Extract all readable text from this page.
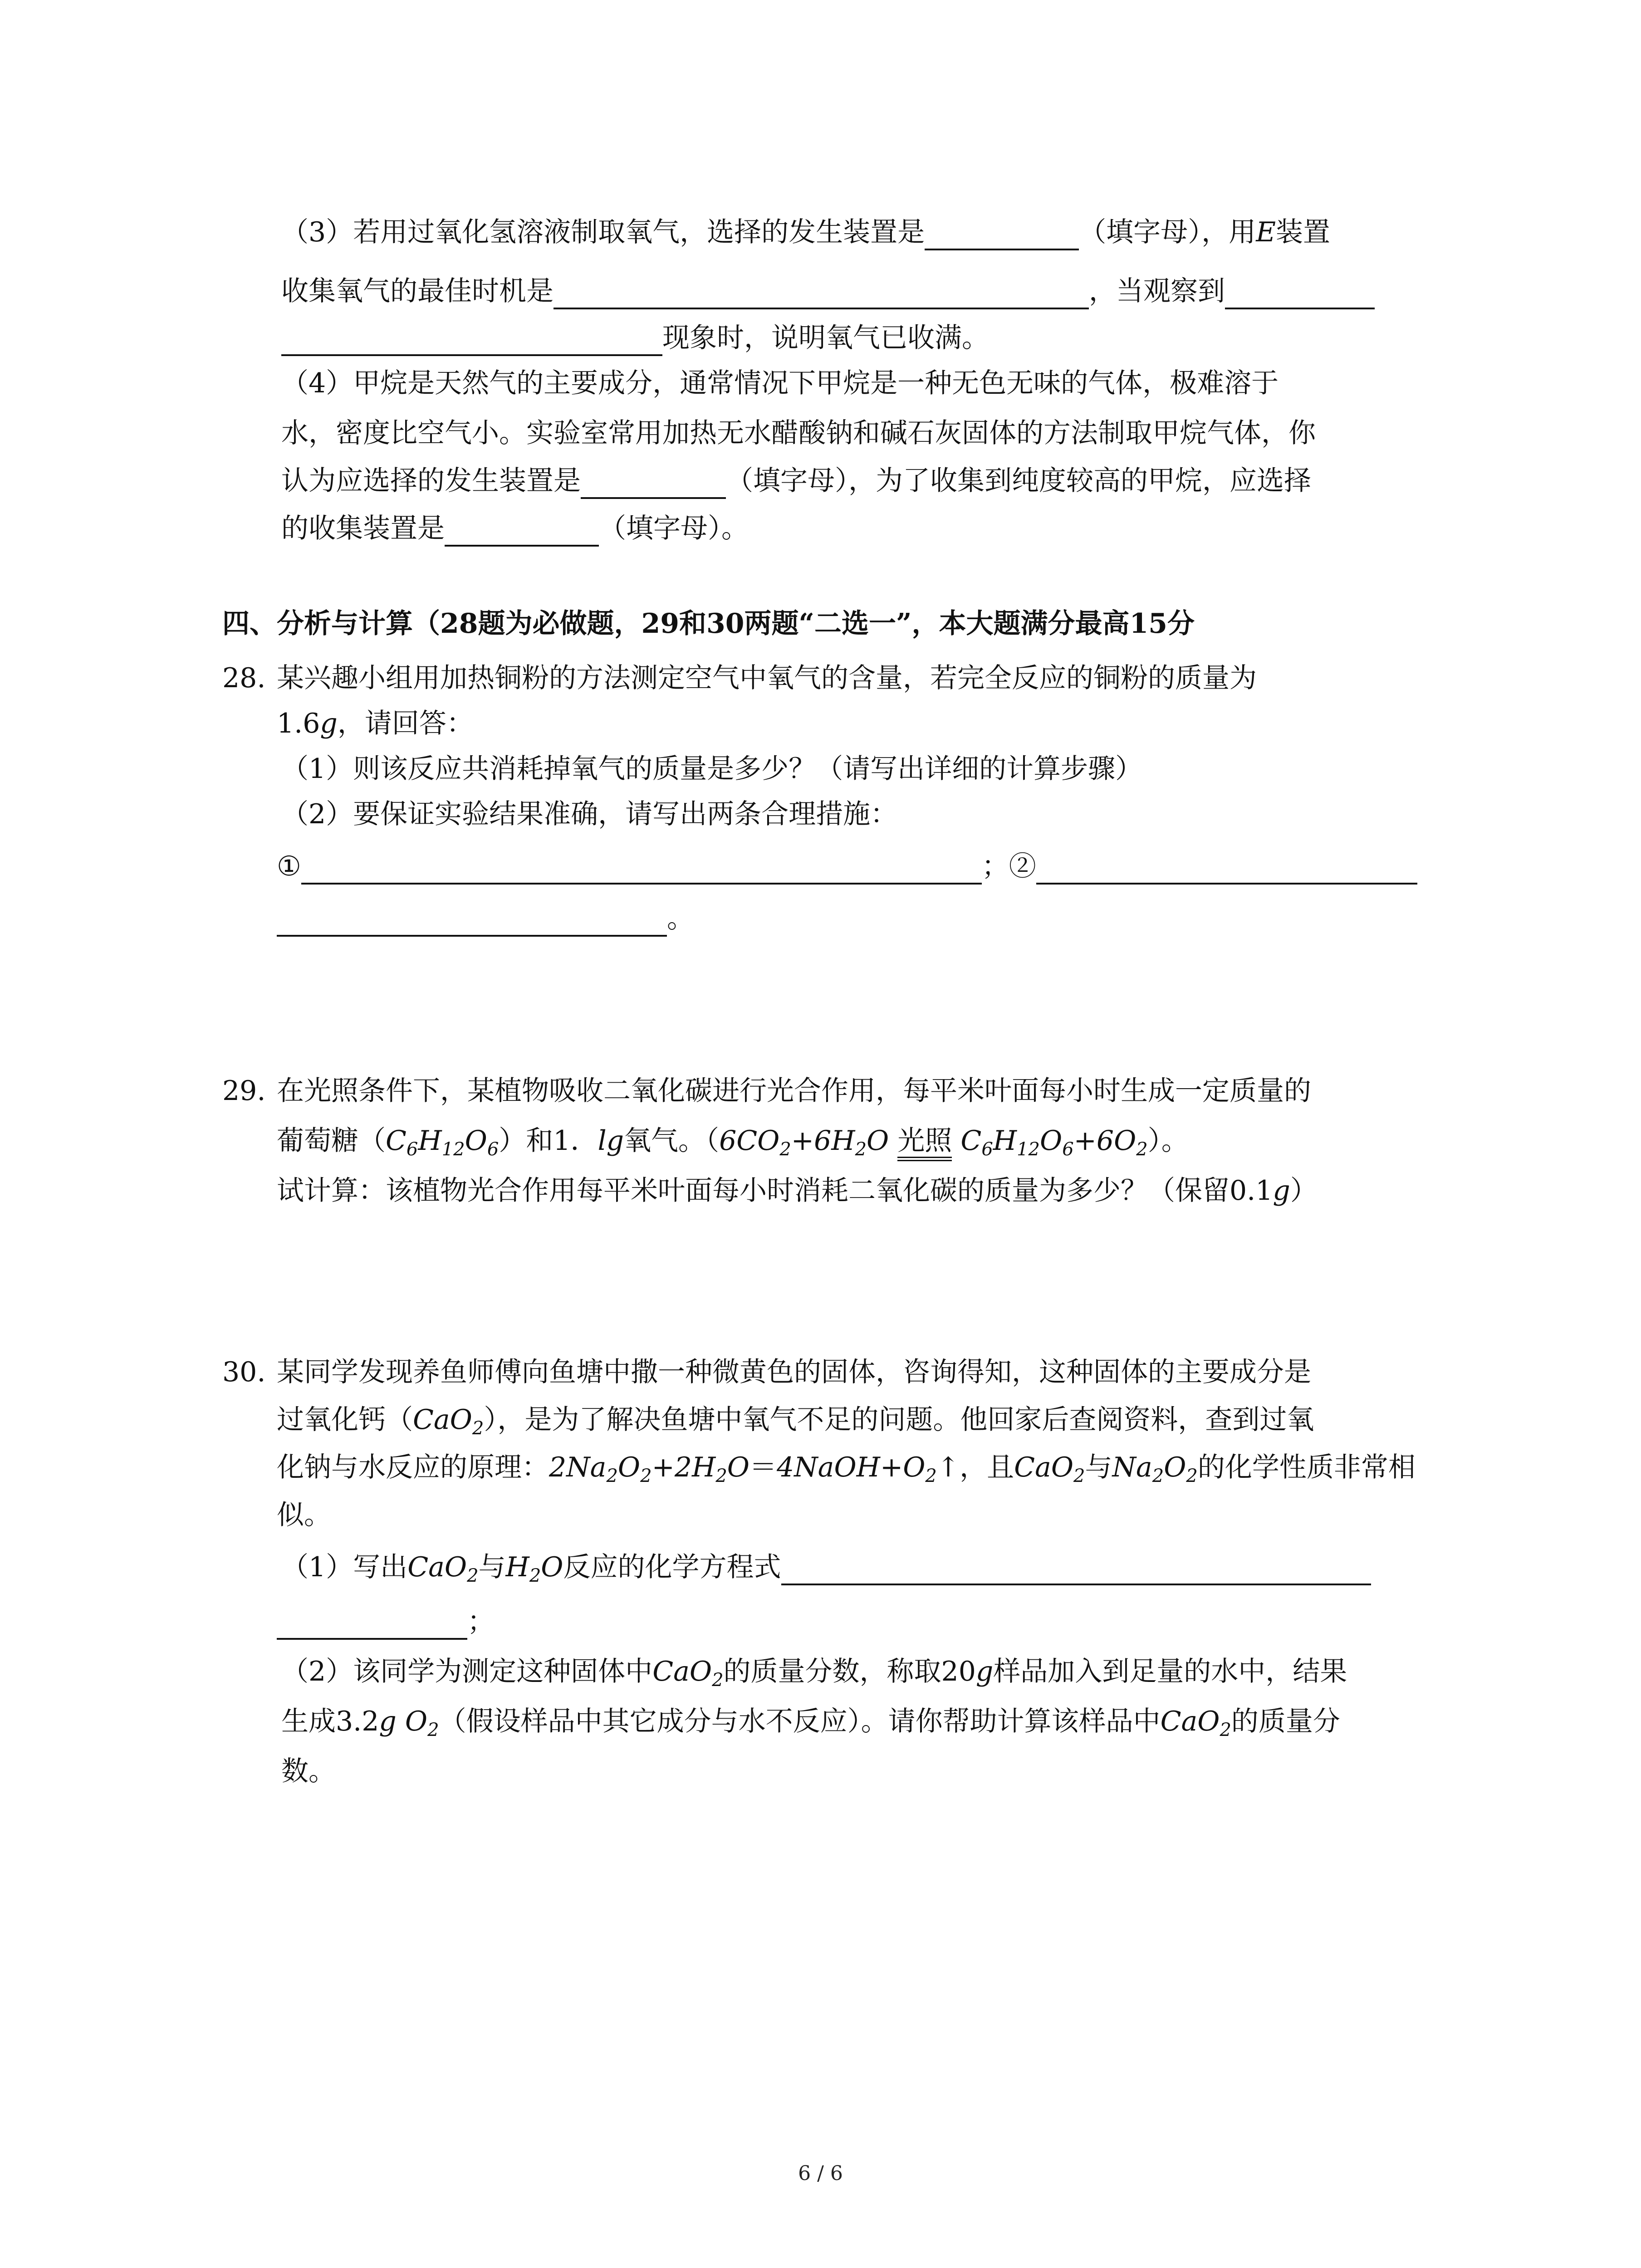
（3）若用过氧化氢溶液制取氧气，选择的发生装置是	（填字母），用E装置
收集氧气的最佳时机是	，当观察到
现象时，说明氧气已收满。
（4）甲烷是天然气的主要成分，通常情况下甲烷是一种无色无味的气体，极难溶于
水，密度比空气小。实验室常用加热无水醋酸钠和碱石灰固体的方法制取甲烷气体，你
认为应选择的发生装置是	（填字母），为了收集到纯度较高的甲烷，应选择
的收集装置是	（填字母）。
四、分析与计算（28题为必做题，29和30两题“二选一”，本大题满分最高15分
28. 某兴趣小组用加热铜粉的方法测定空气中氧气的含量，若完全反应的铜粉的质量为
1.6g，请回答：
（1）则该反应共消耗掉氧气的质量是多少？（请写出详细的计算步骤）
（2）要保证实验结果准确，请写出两条合理措施：
①	；②
。
29. 在光照条件下，某植物吸收二氧化碳进行光合作用，每平米叶面每小时生成一定质量的
葡萄糖$(C_6H_{12}O_6)$和1．lg氧气。（$6CO_2+6H_2O$ 光照 $C_6H_{12}O_6+6O_2$）。
试计算：该植物光合作用每平米叶面每小时消耗二氧化碳的质量为多少？（保留0.1g）
30. 某同学发现养鱼师傅向鱼塘中撒一种微黄色的固体，咨询得知，这种固体的主要成分是
过氧化钙（CaO$_2$），是为了解决鱼塘中氧气不足的问题。他回家后查阅资料，查到过氧
化钠与水反应的原理：$2Na_2O_2+2H_2O=4NaOH+O_2↑$，且CaO$_2$与$Na_2O_2$的化学性质非常相
似。
（1）写出CaO$_2$与$H_2O$反应的化学方程式
；
（2）该同学为测定这种固体中CaO$_2$的质量分数，称取20g样品加入到足量的水中，结果
生成3.2g $O_2$（假设样品中其它成分与水不反应）。请你帮助计算该样品中CaO$_2$的质量分
数。
6 / 6
